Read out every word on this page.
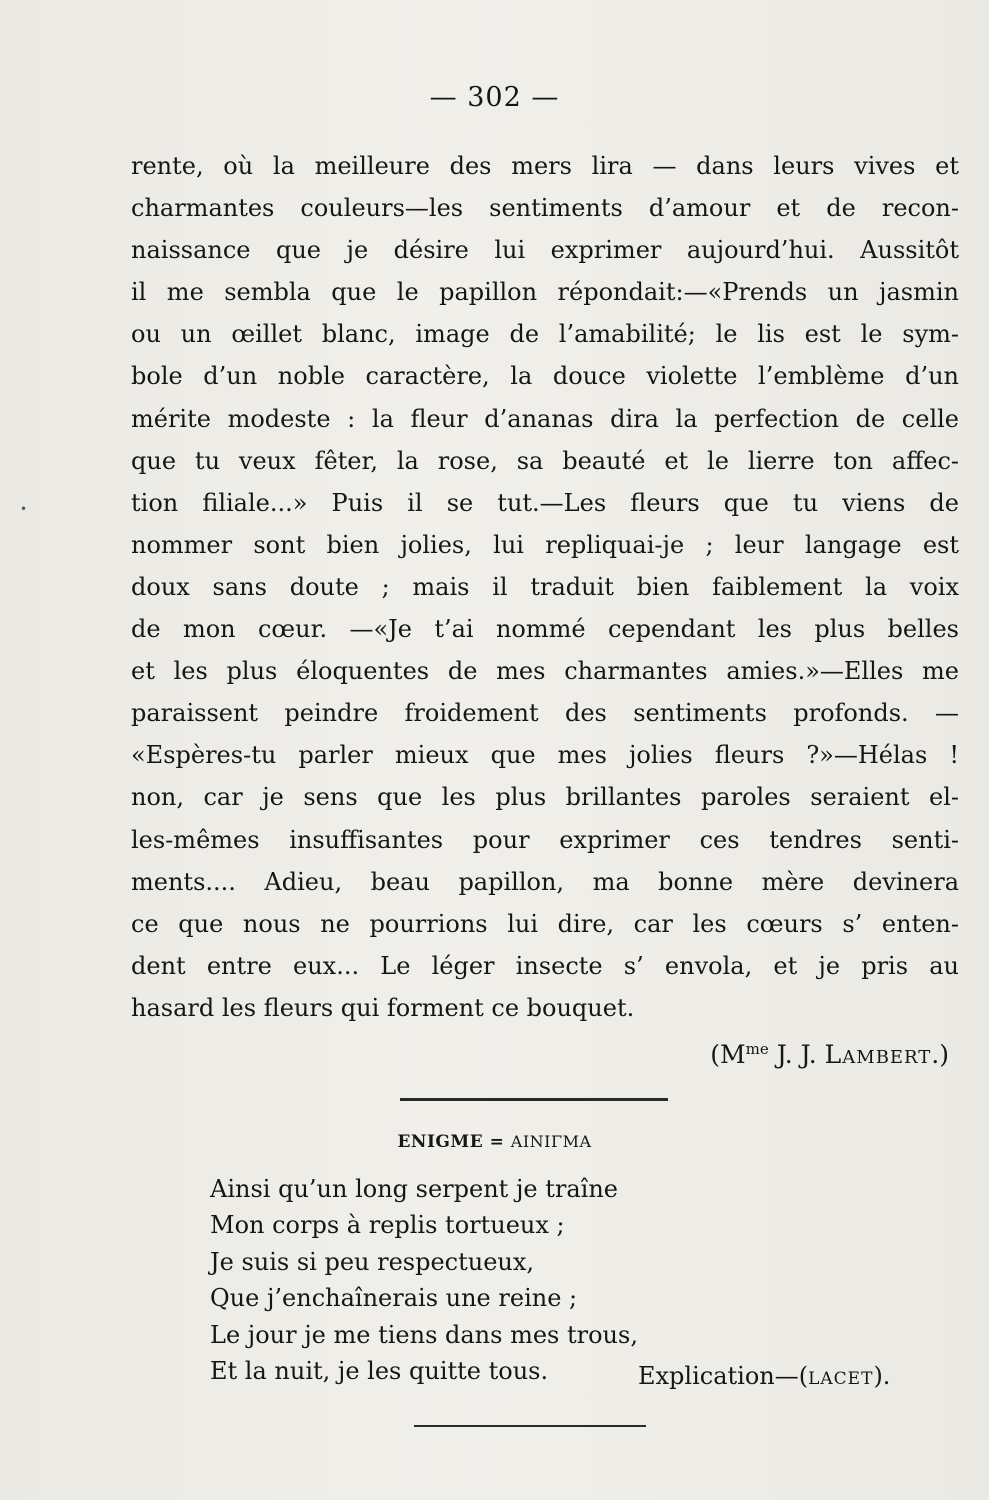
— 302 —
rente, où la meilleure des mers lira — dans leurs vives et
charmantes couleurs—les sentiments d’amour et de recon-
naissance que je désire lui exprimer aujourd’hui. Aussitôt
il me sembla que le papillon répondait:—«Prends un jasmin
ou un œillet blanc, image de l’amabilité; le lis est le sym-
bole d’un noble caractère, la douce violette l’emblème d’un
mérite modeste : la fleur d’ananas dira la perfection de celle
que tu veux fêter, la rose, sa beauté et le lierre ton affec-
tion filiale...» Puis il se tut.—Les fleurs que tu viens de
nommer sont bien jolies, lui repliquai-je ; leur langage est
doux sans doute ; mais il traduit bien faiblement la voix
de mon cœur. —«Je t’ai nommé cependant les plus belles
et les plus éloquentes de mes charmantes amies.»—Elles me
paraissent peindre froidement des sentiments profonds. —
«Espères-tu parler mieux que mes jolies fleurs ?»—Hélas !
non, car je sens que les plus brillantes paroles seraient el-
les-mêmes insuffisantes pour exprimer ces tendres senti-
ments.... Adieu, beau papillon, ma bonne mère devinera
ce que nous ne pourrions lui dire, car les cœurs s’ enten-
dent entre eux... Le léger insecte s’ envola, et je pris au
hasard les fleurs qui forment ce bouquet.
($M^{me}$ J. J. Lambert.)
ENIGME = ΑΙΝΙΓΜΑ
Ainsi qu’un long serpent je traîne
Mon corps à replis tortueux ;
Je suis si peu respectueux,
Que j’enchaînerais une reine ;
Le jour je me tiens dans mes trous,
Et la nuit, je les quitte tous.	Explication—(lacet).
•
